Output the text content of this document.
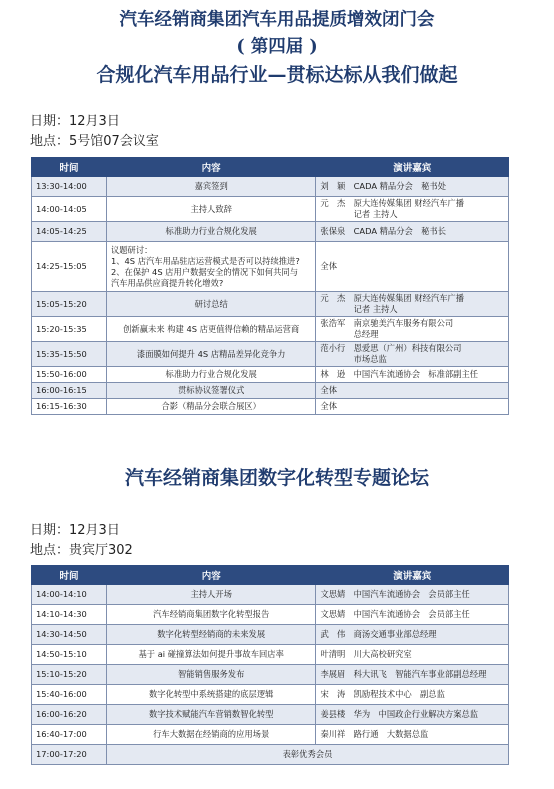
汽车经销商集团汽车用品提质增效闭门会
( 第四届 )
合规化汽车用品行业—贯标达标从我们做起
日期：12月3日
地点：5号馆07会议室
时间	内容	演讲嘉宾
13:30-14:00	嘉宾签到	刘　颖　CADA 精品分会　秘书处
14:00-14:05	主持人致辞	元　杰　原大连传媒集团 财经汽车广播
　　　　记者 主持人
14:05-14:25	标准助力行业合规化发展	张保泉　CADA 精品分会　秘书长
14:25-15:05	议题研讨：
1、4S 店汽车用品驻店运营模式是否可以持续推进?
2、在保护 4S 店用户数据安全的情况下如何共同与
汽车用品供应商提升转化增效?	全体
15:05-15:20	研讨总结	元　杰　原大连传媒集团 财经汽车广播
　　　　记者 主持人
15:20-15:35	创新赢未来 构建 4S 店更值得信赖的精品运营商	张浩军　南京驰美汽车服务有限公司
　　　　总经理
15:35-15:50	漆面膜如何提升 4S 店精品差异化竞争力	范小行　恩爱思（广州）科技有限公司
　　　　市场总监
15:50-16:00	标准助力行业合规化发展	林　逊　中国汽车流通协会　标准部副主任
16:00-16:15	贯标协议签署仪式	全体
16:15-16:30	合影（精品分会联合展区）	全体
汽车经销商集团数字化转型专题论坛
日期：12月3日
地点：贵宾厅302
时间	内容	演讲嘉宾
14:00-14:10	主持人开场	文思婧　中国汽车流通协会　会员部主任
14:10-14:30	汽车经销商集团数字化转型报告	文思婧　中国汽车流通协会　会员部主任
14:30-14:50	数字化转型经销商的未来发展	武　伟　商汤交通事业部总经理
14:50-15:10	基于 ai 碰撞算法如何提升事故车回店率	叶清明　川大高校研究室
15:10-15:20	智能销售服务发布	李展眉　科大讯飞　智能汽车事业部副总经理
15:40-16:00	数字化转型中系统搭建的底层逻辑	宋　涛　凯励程技术中心　副总监
16:00-16:20	数字技术赋能汽车营销数智化转型	姜县楼　华为　中国政企行业解决方案总监
16:40-17:00	行车大数据在经销商的应用场景	秦川祥　路行通　大数据总监
17:00-17:20	表彰优秀会员	
